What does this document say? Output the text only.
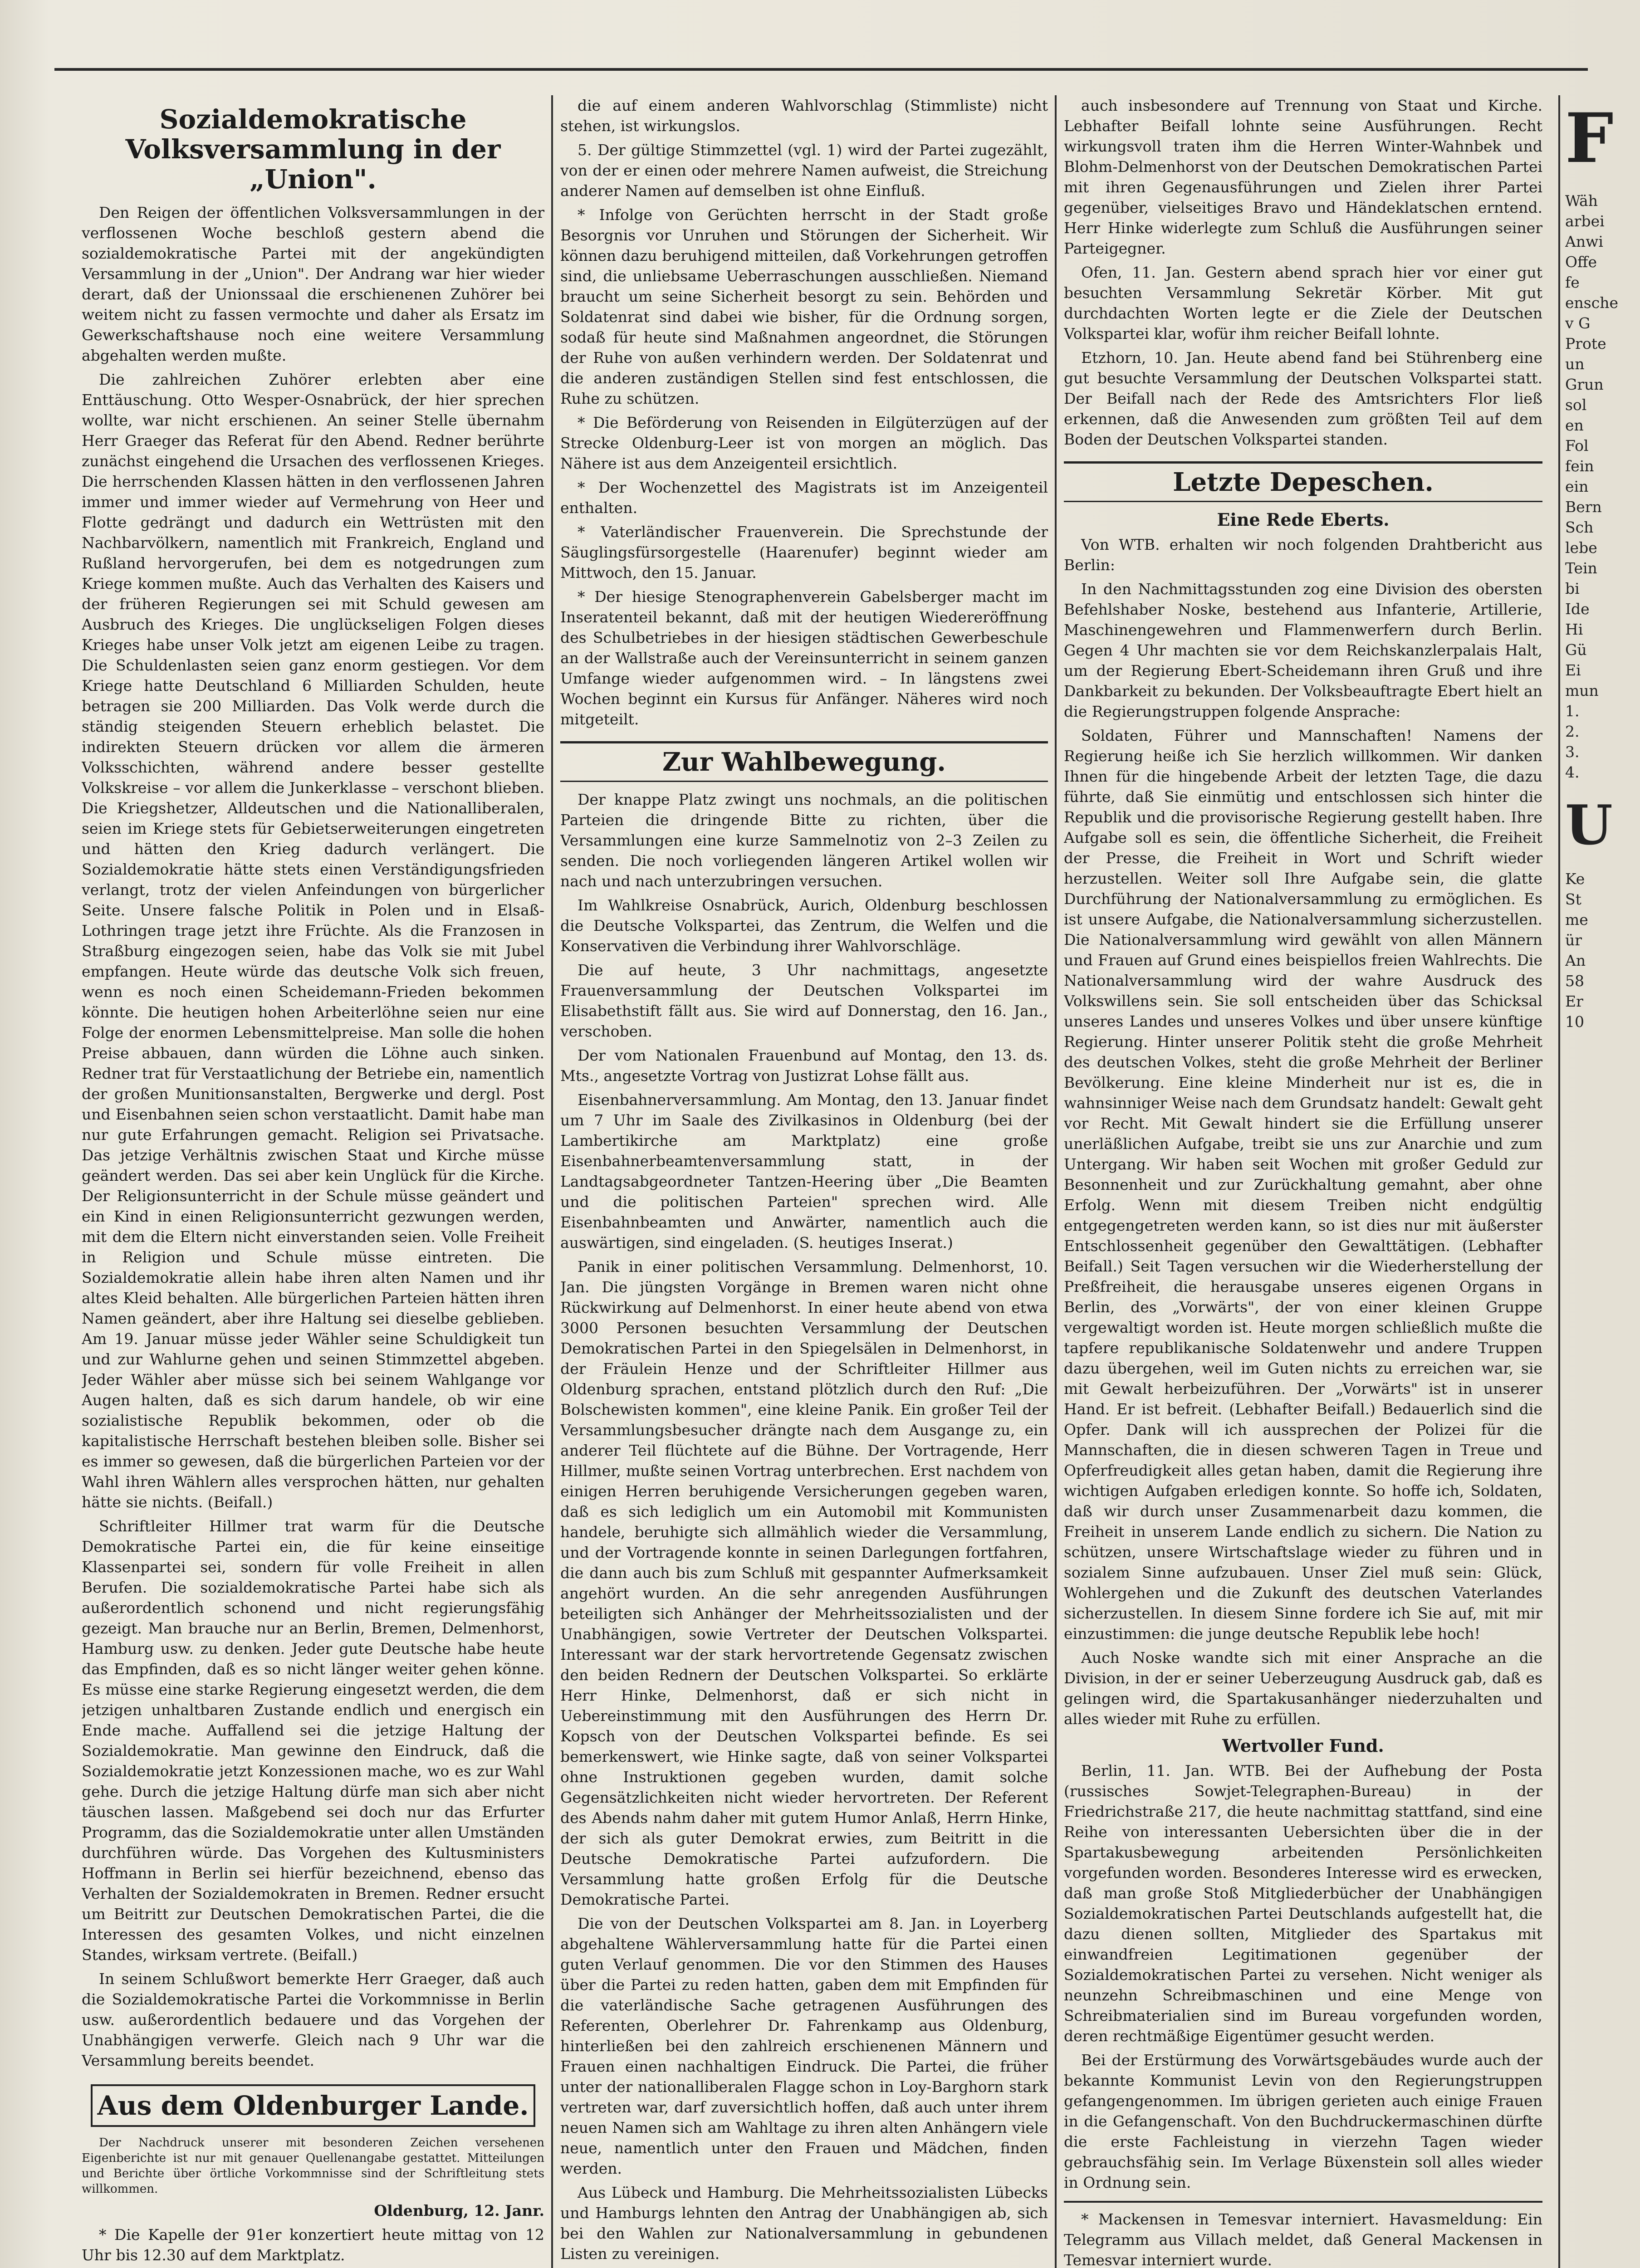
Sozialdemokratische Volksversammlung in der „Union".

Den Reigen der öffentlichen Volksversammlungen in der verflossenen Woche beschloß gestern abend die sozialdemokratische Partei mit der angekündigten Versammlung in der „Union". Der Andrang war hier wieder derart, daß der Unionssaal die erschienenen Zuhörer bei weitem nicht zu fassen vermochte und daher als Ersatz im Gewerkschaftshause noch eine weitere Versammlung abgehalten werden mußte.

Die zahlreichen Zuhörer erlebten aber eine Enttäuschung. Otto Wesper-Osnabrück, der hier sprechen wollte, war nicht erschienen. An seiner Stelle übernahm Herr Graeger das Referat für den Abend. Redner berührte zunächst eingehend die Ursachen des verflossenen Krieges. Die herrschenden Klassen hätten in den verflossenen Jahren immer und immer wieder auf Vermehrung von Heer und Flotte gedrängt und dadurch ein Wettrüsten mit den Nachbarvölkern, namentlich mit Frankreich, England und Rußland hervorgerufen, bei dem es notgedrungen zum Kriege kommen mußte. Auch das Verhalten des Kaisers und der früheren Regierungen sei mit Schuld gewesen am Ausbruch des Krieges. Die unglückseligen Folgen dieses Krieges habe unser Volk jetzt am eigenen Leibe zu tragen. Die Schuldenlasten seien ganz enorm gestiegen. Vor dem Kriege hatte Deutschland 6 Milliarden Schulden, heute betragen sie 200 Milliarden. Das Volk werde durch die ständig steigenden Steuern erheblich belastet. Die indirekten Steuern drücken vor allem die ärmeren Volksschichten, während andere besser gestellte Volkskreise – vor allem die Junkerklasse – verschont blieben. Die Kriegshetzer, Alldeutschen und die Nationalliberalen, seien im Kriege stets für Gebietserweiterungen eingetreten und hätten den Krieg dadurch verlängert. Die Sozialdemokratie hätte stets einen Verständigungsfrieden verlangt, trotz der vielen Anfeindungen von bürgerlicher Seite. Unsere falsche Politik in Polen und in Elsaß-Lothringen trage jetzt ihre Früchte. Als die Franzosen in Straßburg eingezogen seien, habe das Volk sie mit Jubel empfangen. Heute würde das deutsche Volk sich freuen, wenn es noch einen Scheidemann-Frieden bekommen könnte. Die heutigen hohen Arbeiterlöhne seien nur eine Folge der enormen Lebensmittelpreise. Man solle die hohen Preise abbauen, dann würden die Löhne auch sinken. Redner trat für Verstaatlichung der Betriebe ein, namentlich der großen Munitionsanstalten, Bergwerke und dergl. Post und Eisenbahnen seien schon verstaatlicht. Damit habe man nur gute Erfahrungen gemacht. Religion sei Privatsache. Das jetzige Verhältnis zwischen Staat und Kirche müsse geändert werden. Das sei aber kein Unglück für die Kirche. Der Religionsunterricht in der Schule müsse geändert und ein Kind in einen Religionsunterricht gezwungen werden, mit dem die Eltern nicht einverstanden seien. Volle Freiheit in Religion und Schule müsse eintreten. Die Sozialdemokratie allein habe ihren alten Namen und ihr altes Kleid behalten. Alle bürgerlichen Parteien hätten ihren Namen geändert, aber ihre Haltung sei dieselbe geblieben. Am 19. Januar müsse jeder Wähler seine Schuldigkeit tun und zur Wahlurne gehen und seinen Stimmzettel abgeben. Jeder Wähler aber müsse sich bei seinem Wahlgange vor Augen halten, daß es sich darum handele, ob wir eine sozialistische Republik bekommen, oder ob die kapitalistische Herrschaft bestehen bleiben solle. Bisher sei es immer so gewesen, daß die bürgerlichen Parteien vor der Wahl ihren Wählern alles versprochen hätten, nur gehalten hätte sie nichts. (Beifall.)

Schriftleiter Hillmer trat warm für die Deutsche Demokratische Partei ein, die für keine einseitige Klassenpartei sei, sondern für volle Freiheit in allen Berufen. Die sozialdemokratische Partei habe sich als außerordentlich schonend und nicht regierungsfähig gezeigt. Man brauche nur an Berlin, Bremen, Delmenhorst, Hamburg usw. zu denken. Jeder gute Deutsche habe heute das Empfinden, daß es so nicht länger weiter gehen könne. Es müsse eine starke Regierung eingesetzt werden, die dem jetzigen unhaltbaren Zustande endlich und energisch ein Ende mache. Auffallend sei die jetzige Haltung der Sozialdemokratie. Man gewinne den Eindruck, daß die Sozialdemokratie jetzt Konzessionen mache, wo es zur Wahl gehe. Durch die jetzige Haltung dürfe man sich aber nicht täuschen lassen. Maßgebend sei doch nur das Erfurter Programm, das die Sozialdemokratie unter allen Umständen durchführen würde. Das Vorgehen des Kultusministers Hoffmann in Berlin sei hierfür bezeichnend, ebenso das Verhalten der Sozialdemokraten in Bremen. Redner ersucht um Beitritt zur Deutschen Demokratischen Partei, die die Interessen des gesamten Volkes, und nicht einzelnen Standes, wirksam vertrete. (Beifall.)

In seinem Schlußwort bemerkte Herr Graeger, daß auch die Sozialdemokratische Partei die Vorkommnisse in Berlin usw. außerordentlich bedauere und das Vorgehen der Unabhängigen verwerfe. Gleich nach 9 Uhr war die Versammlung bereits beendet.

Aus dem Oldenburger Lande.

Der Nachdruck unserer mit besonderen Zeichen versehenen Eigenberichte ist nur mit genauer Quellenangabe gestattet. Mitteilungen und Berichte über örtliche Vorkommnisse sind der Schriftleitung stets willkommen.

Oldenburg, 12. Janr.

* Die Kapelle der 91er konzertiert heute mittag von 12 Uhr bis 12.30 auf dem Marktplatz.

die auf einem anderen Wahlvorschlag (Stimmliste) nicht stehen, ist wirkungslos.

5. Der gültige Stimmzettel (vgl. 1) wird der Partei zugezählt, von der er einen oder mehrere Namen aufweist, die Streichung anderer Namen auf demselben ist ohne Einfluß.

* Infolge von Gerüchten herrscht in der Stadt große Besorgnis vor Unruhen und Störungen der Sicherheit. Wir können dazu beruhigend mitteilen, daß Vorkehrungen getroffen sind, die unliebsame Ueberraschungen ausschließen. Niemand braucht um seine Sicherheit besorgt zu sein. Behörden und Soldatenrat sind dabei wie bisher, für die Ordnung sorgen, sodaß für heute sind Maßnahmen angeordnet, die Störungen der Ruhe von außen verhindern werden. Der Soldatenrat und die anderen zuständigen Stellen sind fest entschlossen, die Ruhe zu schützen.

* Die Beförderung von Reisenden in Eilgüterzügen auf der Strecke Oldenburg-Leer ist von morgen an möglich. Das Nähere ist aus dem Anzeigenteil ersichtlich.

* Der Wochenzettel des Magistrats ist im Anzeigenteil enthalten.

* Vaterländischer Frauenverein. Die Sprechstunde der Säuglingsfürsorgestelle (Haarenufer) beginnt wieder am Mittwoch, den 15. Januar.

* Der hiesige Stenographenverein Gabelsberger macht im Inseratenteil bekannt, daß mit der heutigen Wiedereröffnung des Schulbetriebes in der hiesigen städtischen Gewerbeschule an der Wallstraße auch der Vereinsunterricht in seinem ganzen Umfange wieder aufgenommen wird. – In längstens zwei Wochen beginnt ein Kursus für Anfänger. Näheres wird noch mitgeteilt.

Zur Wahlbewegung.

Der knappe Platz zwingt uns nochmals, an die politischen Parteien die dringende Bitte zu richten, über die Versammlungen eine kurze Sammelnotiz von 2–3 Zeilen zu senden. Die noch vorliegenden längeren Artikel wollen wir nach und nach unterzubringen versuchen.

Im Wahlkreise Osnabrück, Aurich, Oldenburg beschlossen die Deutsche Volkspartei, das Zentrum, die Welfen und die Konservativen die Verbindung ihrer Wahlvorschläge.

Die auf heute, 3 Uhr nachmittags, angesetzte Frauenversammlung der Deutschen Volkspartei im Elisabethstift fällt aus. Sie wird auf Donnerstag, den 16. Jan., verschoben.

Der vom Nationalen Frauenbund auf Montag, den 13. ds. Mts., angesetzte Vortrag von Justizrat Lohse fällt aus.

Eisenbahnerversammlung. Am Montag, den 13. Januar findet um 7 Uhr im Saale des Zivilkasinos in Oldenburg (bei der Lambertikirche am Marktplatz) eine große Eisenbahnerbeamtenversammlung statt, in der Landtagsabgeordneter Tantzen-Heering über „Die Beamten und die politischen Parteien" sprechen wird. Alle Eisenbahnbeamten und Anwärter, namentlich auch die auswärtigen, sind eingeladen. (S. heutiges Inserat.)

Panik in einer politischen Versammlung. Delmenhorst, 10. Jan. Die jüngsten Vorgänge in Bremen waren nicht ohne Rückwirkung auf Delmenhorst. In einer heute abend von etwa 3000 Personen besuchten Versammlung der Deutschen Demokratischen Partei in den Spiegelsälen in Delmenhorst, in der Fräulein Henze und der Schriftleiter Hillmer aus Oldenburg sprachen, entstand plötzlich durch den Ruf: „Die Bolschewisten kommen", eine kleine Panik. Ein großer Teil der Versammlungsbesucher drängte nach dem Ausgange zu, ein anderer Teil flüchtete auf die Bühne. Der Vortragende, Herr Hillmer, mußte seinen Vortrag unterbrechen. Erst nachdem von einigen Herren beruhigende Versicherungen gegeben waren, daß es sich lediglich um ein Automobil mit Kommunisten handele, beruhigte sich allmählich wieder die Versammlung, und der Vortragende konnte in seinen Darlegungen fortfahren, die dann auch bis zum Schluß mit gespannter Aufmerksamkeit angehört wurden. An die sehr anregenden Ausführungen beteiligten sich Anhänger der Mehrheitssozialisten und der Unabhängigen, sowie Vertreter der Deutschen Volkspartei. Interessant war der stark hervortretende Gegensatz zwischen den beiden Rednern der Deutschen Volkspartei. So erklärte Herr Hinke, Delmenhorst, daß er sich nicht in Uebereinstimmung mit den Ausführungen des Herrn Dr. Kopsch von der Deutschen Volkspartei befinde. Es sei bemerkenswert, wie Hinke sagte, daß von seiner Volkspartei ohne Instruktionen gegeben wurden, damit solche Gegensätzlichkeiten nicht wieder hervortreten. Der Referent des Abends nahm daher mit gutem Humor Anlaß, Herrn Hinke, der sich als guter Demokrat erwies, zum Beitritt in die Deutsche Demokratische Partei aufzufordern. Die Versammlung hatte großen Erfolg für die Deutsche Demokratische Partei.

Die von der Deutschen Volkspartei am 8. Jan. in Loyerberg abgehaltene Wählerversammlung hatte für die Partei einen guten Verlauf genommen. Die vor den Stimmen des Hauses über die Partei zu reden hatten, gaben dem mit Empfinden für die vaterländische Sache getragenen Ausführungen des Referenten, Oberlehrer Dr. Fahrenkamp aus Oldenburg, hinterließen bei den zahlreich erschienenen Männern und Frauen einen nachhaltigen Eindruck. Die Partei, die früher unter der nationalliberalen Flagge schon in Loy-Barghorn stark vertreten war, darf zuversichtlich hoffen, daß auch unter ihrem neuen Namen sich am Wahltage zu ihren alten Anhängern viele neue, namentlich unter den Frauen und Mädchen, finden werden.

Aus Lübeck und Hamburg. Die Mehrheitssozialisten Lübecks und Hamburgs lehnten den Antrag der Unabhängigen ab, sich bei den Wahlen zur Nationalversammlung in gebundenen Listen zu vereinigen.

auch insbesondere auf Trennung von Staat und Kirche. Lebhafter Beifall lohnte seine Ausführungen. Recht wirkungsvoll traten ihm die Herren Winter-Wahnbek und Blohm-Delmenhorst von der Deutschen Demokratischen Partei mit ihren Gegenausführungen und Zielen ihrer Partei gegenüber, vielseitiges Bravo und Händeklatschen erntend. Herr Hinke widerlegte zum Schluß die Ausführungen seiner Parteigegner.

Ofen, 11. Jan. Gestern abend sprach hier vor einer gut besuchten Versammlung Sekretär Körber. Mit gut durchdachten Worten legte er die Ziele der Deutschen Volkspartei klar, wofür ihm reicher Beifall lohnte.

Etzhorn, 10. Jan. Heute abend fand bei Stührenberg eine gut besuchte Versammlung der Deutschen Volkspartei statt. Der Beifall nach der Rede des Amtsrichters Flor ließ erkennen, daß die Anwesenden zum größten Teil auf dem Boden der Deutschen Volkspartei standen.

Letzte Depeschen.
Eine Rede Eberts.

Von WTB. erhalten wir noch folgenden Drahtbericht aus Berlin:

In den Nachmittagsstunden zog eine Division des obersten Befehlshaber Noske, bestehend aus Infanterie, Artillerie, Maschinengewehren und Flammenwerfern durch Berlin. Gegen 4 Uhr machten sie vor dem Reichskanzlerpalais Halt, um der Regierung Ebert-Scheidemann ihren Gruß und ihre Dankbarkeit zu bekunden. Der Volksbeauftragte Ebert hielt an die Regierungstruppen folgende Ansprache:

Soldaten, Führer und Mannschaften! Namens der Regierung heiße ich Sie herzlich willkommen. Wir danken Ihnen für die hingebende Arbeit der letzten Tage, die dazu führte, daß Sie einmütig und entschlossen sich hinter die Republik und die provisorische Regierung gestellt haben. Ihre Aufgabe soll es sein, die öffentliche Sicherheit, die Freiheit der Presse, die Freiheit in Wort und Schrift wieder herzustellen. Weiter soll Ihre Aufgabe sein, die glatte Durchführung der Nationalversammlung zu ermöglichen. Es ist unsere Aufgabe, die Nationalversammlung sicherzustellen. Die Nationalversammlung wird gewählt von allen Männern und Frauen auf Grund eines beispiellos freien Wahlrechts. Die Nationalversammlung wird der wahre Ausdruck des Volkswillens sein. Sie soll entscheiden über das Schicksal unseres Landes und unseres Volkes und über unsere künftige Regierung. Hinter unserer Politik steht die große Mehrheit des deutschen Volkes, steht die große Mehrheit der Berliner Bevölkerung. Eine kleine Minderheit nur ist es, die in wahnsinniger Weise nach dem Grundsatz handelt: Gewalt geht vor Recht. Mit Gewalt hindert sie die Erfüllung unserer unerläßlichen Aufgabe, treibt sie uns zur Anarchie und zum Untergang. Wir haben seit Wochen mit großer Geduld zur Besonnenheit und zur Zurückhaltung gemahnt, aber ohne Erfolg. Wenn mit diesem Treiben nicht endgültig entgegengetreten werden kann, so ist dies nur mit äußerster Entschlossenheit gegenüber den Gewalttätigen. (Lebhafter Beifall.) Seit Tagen versuchen wir die Wiederherstellung der Preßfreiheit, die herausgabe unseres eigenen Organs in Berlin, des „Vorwärts", der von einer kleinen Gruppe vergewaltigt worden ist. Heute morgen schließlich mußte die tapfere republikanische Soldatenwehr und andere Truppen dazu übergehen, weil im Guten nichts zu erreichen war, sie mit Gewalt herbeizuführen. Der „Vorwärts" ist in unserer Hand. Er ist befreit. (Lebhafter Beifall.) Bedauerlich sind die Opfer. Dank will ich aussprechen der Polizei für die Mannschaften, die in diesen schweren Tagen in Treue und Opferfreudigkeit alles getan haben, damit die Regierung ihre wichtigen Aufgaben erledigen konnte. So hoffe ich, Soldaten, daß wir durch unser Zusammenarbeit dazu kommen, die Freiheit in unserem Lande endlich zu sichern. Die Nation zu schützen, unsere Wirtschaftslage wieder zu führen und in sozialem Sinne aufzubauen. Unser Ziel muß sein: Glück, Wohlergehen und die Zukunft des deutschen Vaterlandes sicherzustellen. In diesem Sinne fordere ich Sie auf, mit mir einzustimmen: die junge deutsche Republik lebe hoch!

Auch Noske wandte sich mit einer Ansprache an die Division, in der er seiner Ueberzeugung Ausdruck gab, daß es gelingen wird, die Spartakusanhänger niederzuhalten und alles wieder mit Ruhe zu erfüllen.

Wertvoller Fund.

Berlin, 11. Jan. WTB. Bei der Aufhebung der Posta (russisches Sowjet-Telegraphen-Bureau) in der Friedrichstraße 217, die heute nachmittag stattfand, sind eine Reihe von interessanten Uebersichten über die in der Spartakusbewegung arbeitenden Persönlichkeiten vorgefunden worden. Besonderes Interesse wird es erwecken, daß man große Stoß Mitgliederbücher der Unabhängigen Sozialdemokratischen Partei Deutschlands aufgestellt hat, die dazu dienen sollten, Mitglieder des Spartakus mit einwandfreien Legitimationen gegenüber der Sozialdemokratischen Partei zu versehen. Nicht weniger als neunzehn Schreibmaschinen und eine Menge von Schreibmaterialien sind im Bureau vorgefunden worden, deren rechtmäßige Eigentümer gesucht werden.

Bei der Erstürmung des Vorwärtsgebäudes wurde auch der bekannte Kommunist Levin von den Regierungstruppen gefangengenommen. Im übrigen gerieten auch einige Frauen in die Gefangenschaft. Von den Buchdruckermaschinen dürfte die erste Fachleistung in vierzehn Tagen wieder gebrauchsfähig sein. Im Verlage Büxenstein soll alles wieder in Ordnung sein.

* Mackensen in Temesvar interniert. Havasmeldung: Ein Telegramm aus Villach meldet, daß General Mackensen in Temesvar interniert wurde.

F
Wäh
arbei
Anwi
Offe
fe
ensche
v G
Prote
un
Grun
sol
en
Fol
fein
ein
Bern
Sch
lebe
Tein
bi
Ide
Hi
Gü
Ei
mun
1.
2.
3.
4.
U
Ke
St
me
ür
An
58
Er
10
